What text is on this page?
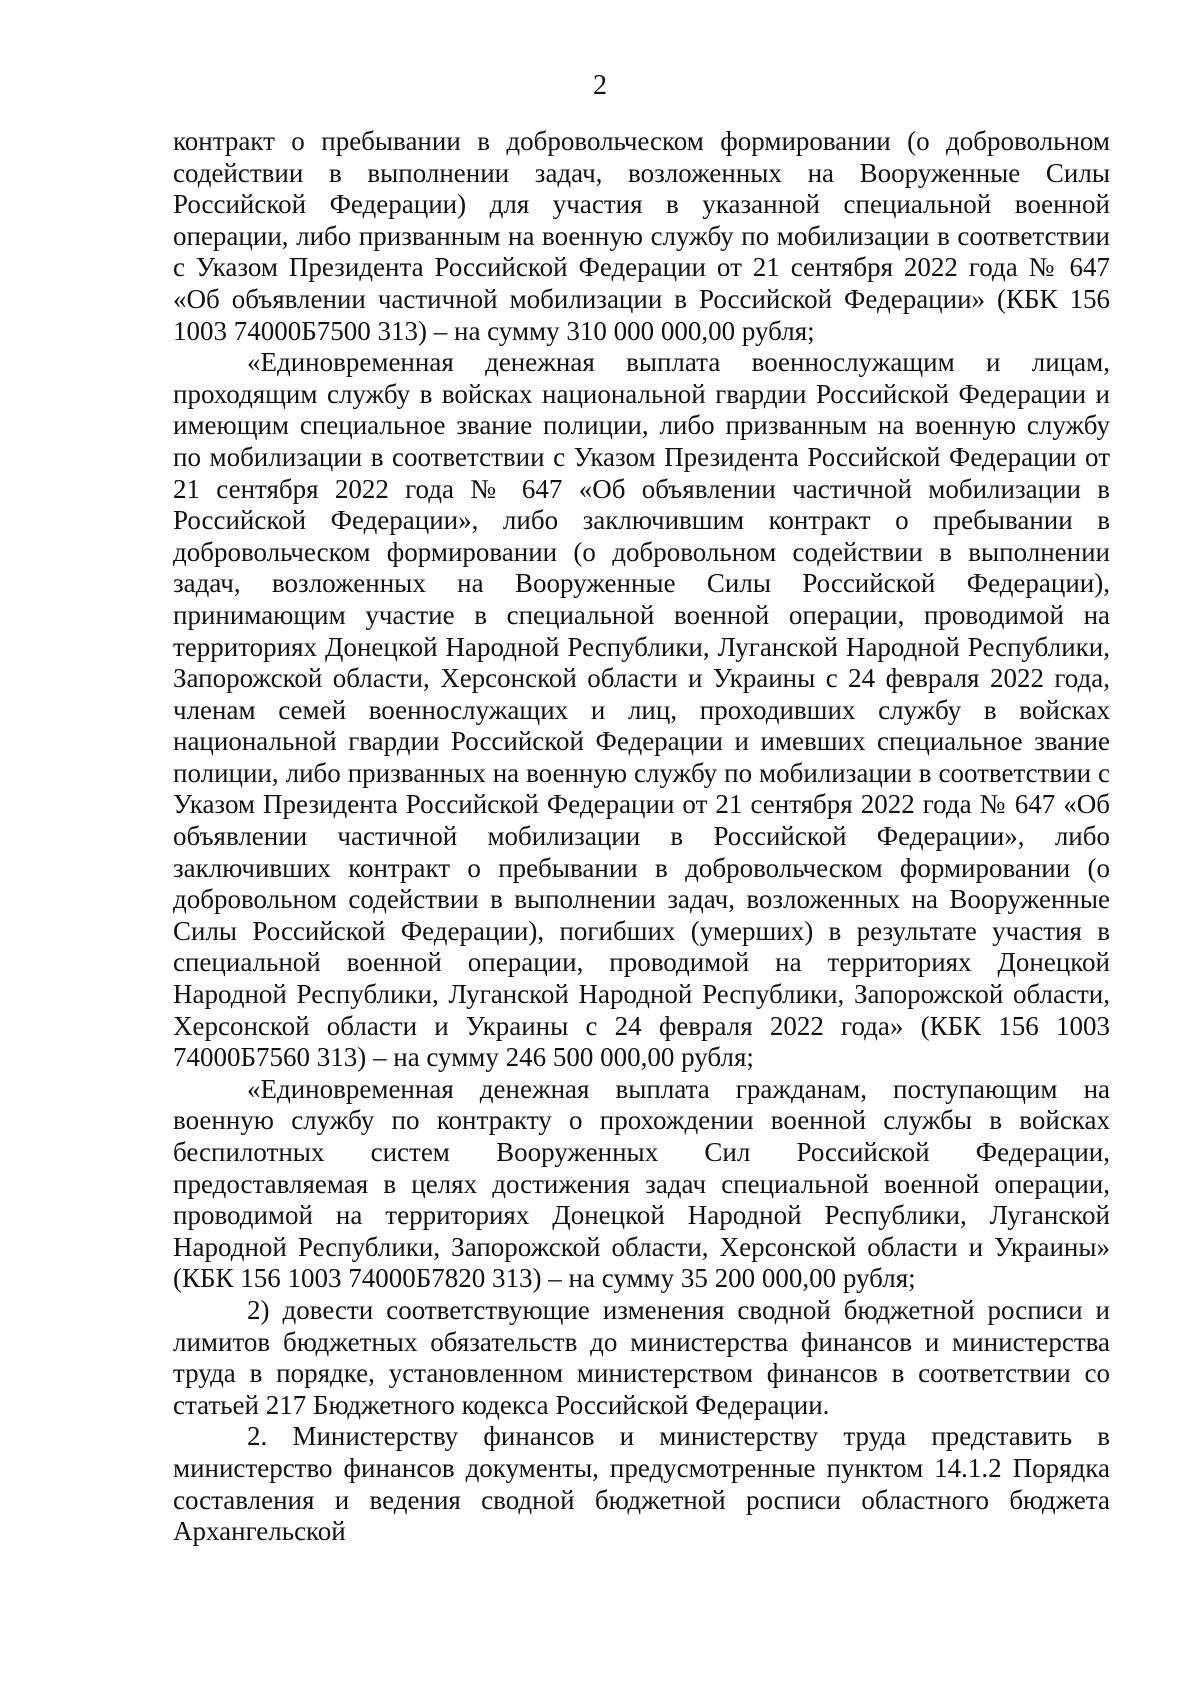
2

контракт о пребывании в добровольческом формировании (о добровольном содействии в выполнении задач, возложенных на Вооруженные Силы Российской Федерации) для участия в указанной специальной военной операции, либо призванным на военную службу по мобилизации в соответствии с Указом Президента Российской Федерации от 21 сентября 2022 года № 647 «Об объявлении частичной мобилизации в Российской Федерации» (КБК 156 1003 74000Б7500 313) – на сумму 310 000 000,00 рубля;

«Единовременная денежная выплата военнослужащим и лицам, проходящим службу в войсках национальной гвардии Российской Федерации и имеющим специальное звание полиции, либо призванным на военную службу по мобилизации в соответствии с Указом Президента Российской Федерации от 21 сентября 2022 года № 647 «Об объявлении частичной мобилизации в Российской Федерации», либо заключившим контракт о пребывании в добровольческом формировании (о добровольном содействии в выполнении задач, возложенных на Вооруженные Силы Российской Федерации), принимающим участие в специальной военной операции, проводимой на территориях Донецкой Народной Республики, Луганской Народной Республики, Запорожской области, Херсонской области и Украины с 24 февраля 2022 года, членам семей военнослужащих и лиц, проходивших службу в войсках национальной гвардии Российской Федерации и имевших специальное звание полиции, либо призванных на военную службу по мобилизации в соответствии с Указом Президента Российской Федерации от 21 сентября 2022 года № 647 «Об объявлении частичной мобилизации в Российской Федерации», либо заключивших контракт о пребывании в добровольческом формировании (о добровольном содействии в выполнении задач, возложенных на Вооруженные Силы Российской Федерации), погибших (умерших) в результате участия в специальной военной операции, проводимой на территориях Донецкой Народной Республики, Луганской Народной Республики, Запорожской области, Херсонской области и Украины с 24 февраля 2022 года» (КБК 156 1003 74000Б7560 313) – на сумму 246 500 000,00 рубля;

«Единовременная денежная выплата гражданам, поступающим на военную службу по контракту о прохождении военной службы в войсках беспилотных систем Вооруженных Сил Российской Федерации, предоставляемая в целях достижения задач специальной военной операции, проводимой на территориях Донецкой Народной Республики, Луганской Народной Республики, Запорожской области, Херсонской области и Украины» (КБК 156 1003 74000Б7820 313) – на сумму 35 200 000,00 рубля;

2) довести соответствующие изменения сводной бюджетной росписи и лимитов бюджетных обязательств до министерства финансов и министерства труда в порядке, установленном министерством финансов в соответствии со статьей 217 Бюджетного кодекса Российской Федерации.

2. Министерству финансов и министерству труда представить в министерство финансов документы, предусмотренные пунктом 14.1.2 Порядка составления и ведения сводной бюджетной росписи областного бюджета Архангельской
